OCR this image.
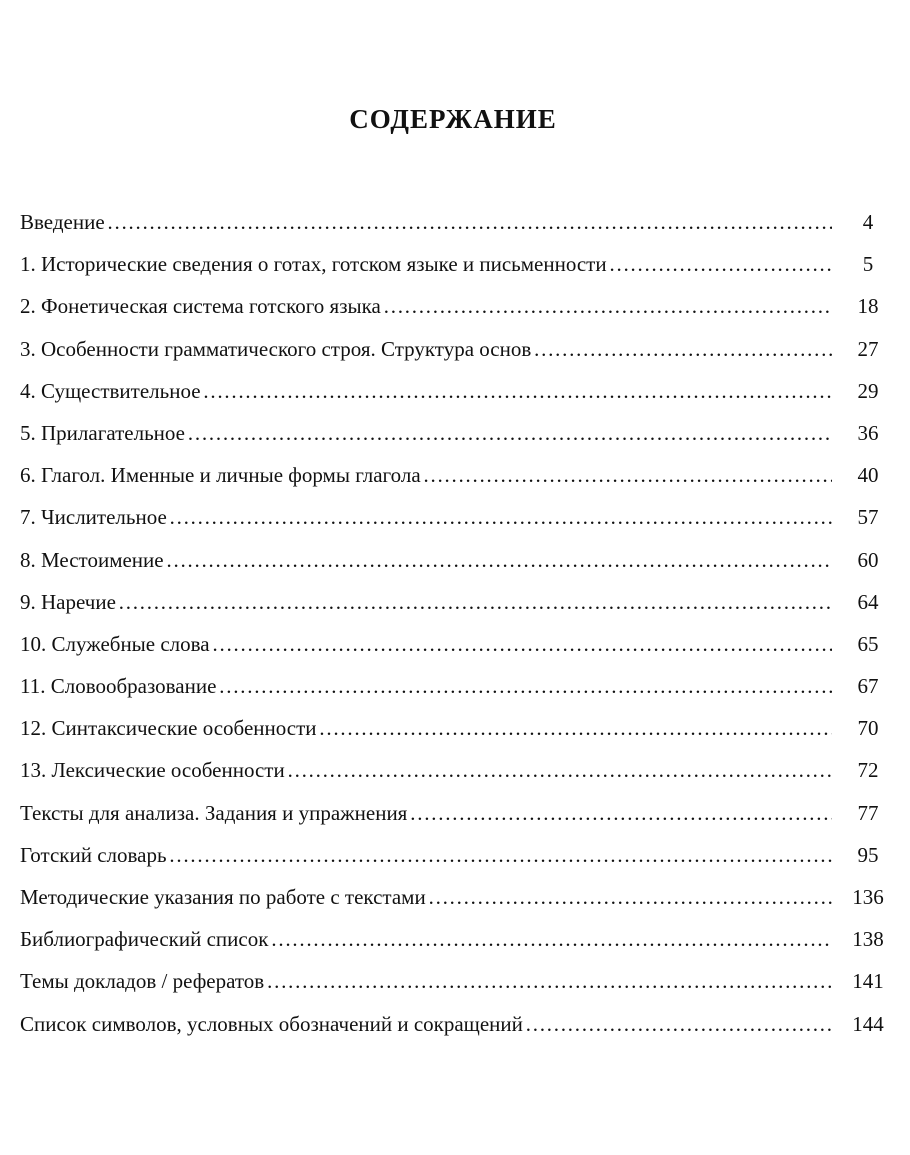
СОДЕРЖАНИЕ
Введение …………………………………………………………………………………………………………………………………………………………………………………………	4
1. Исторические сведения о готах, готском языке и письменности …………………………………………………………………………………………………………………………………………………………………………………………	5
2. Фонетическая система готского языка …………………………………………………………………………………………………………………………………………………………………………………………	18
3. Особенности грамматического строя. Структура основ …………………………………………………………………………………………………………………………………………………………………………………………	27
4. Существительное …………………………………………………………………………………………………………………………………………………………………………………………	29
5. Прилагательное …………………………………………………………………………………………………………………………………………………………………………………………	36
6. Глагол. Именные и личные формы глагола …………………………………………………………………………………………………………………………………………………………………………………………	40
7. Числительное …………………………………………………………………………………………………………………………………………………………………………………………	57
8. Местоимение …………………………………………………………………………………………………………………………………………………………………………………………	60
9. Наречие …………………………………………………………………………………………………………………………………………………………………………………………	64
10. Служебные слова …………………………………………………………………………………………………………………………………………………………………………………………	65
11. Словообразование …………………………………………………………………………………………………………………………………………………………………………………………	67
12. Синтаксические особенности …………………………………………………………………………………………………………………………………………………………………………………………	70
13. Лексические особенности …………………………………………………………………………………………………………………………………………………………………………………………	72
Тексты для анализа. Задания и упражнения …………………………………………………………………………………………………………………………………………………………………………………………	77
Готский словарь …………………………………………………………………………………………………………………………………………………………………………………………	95
Методические указания по работе с текстами …………………………………………………………………………………………………………………………………………………………………………………………	136
Библиографический список …………………………………………………………………………………………………………………………………………………………………………………………	138
Темы докладов / рефератов …………………………………………………………………………………………………………………………………………………………………………………………	141
Список символов, условных обозначений и сокращений …………………………………………………………………………………………………………………………………………………………………………………………	144
